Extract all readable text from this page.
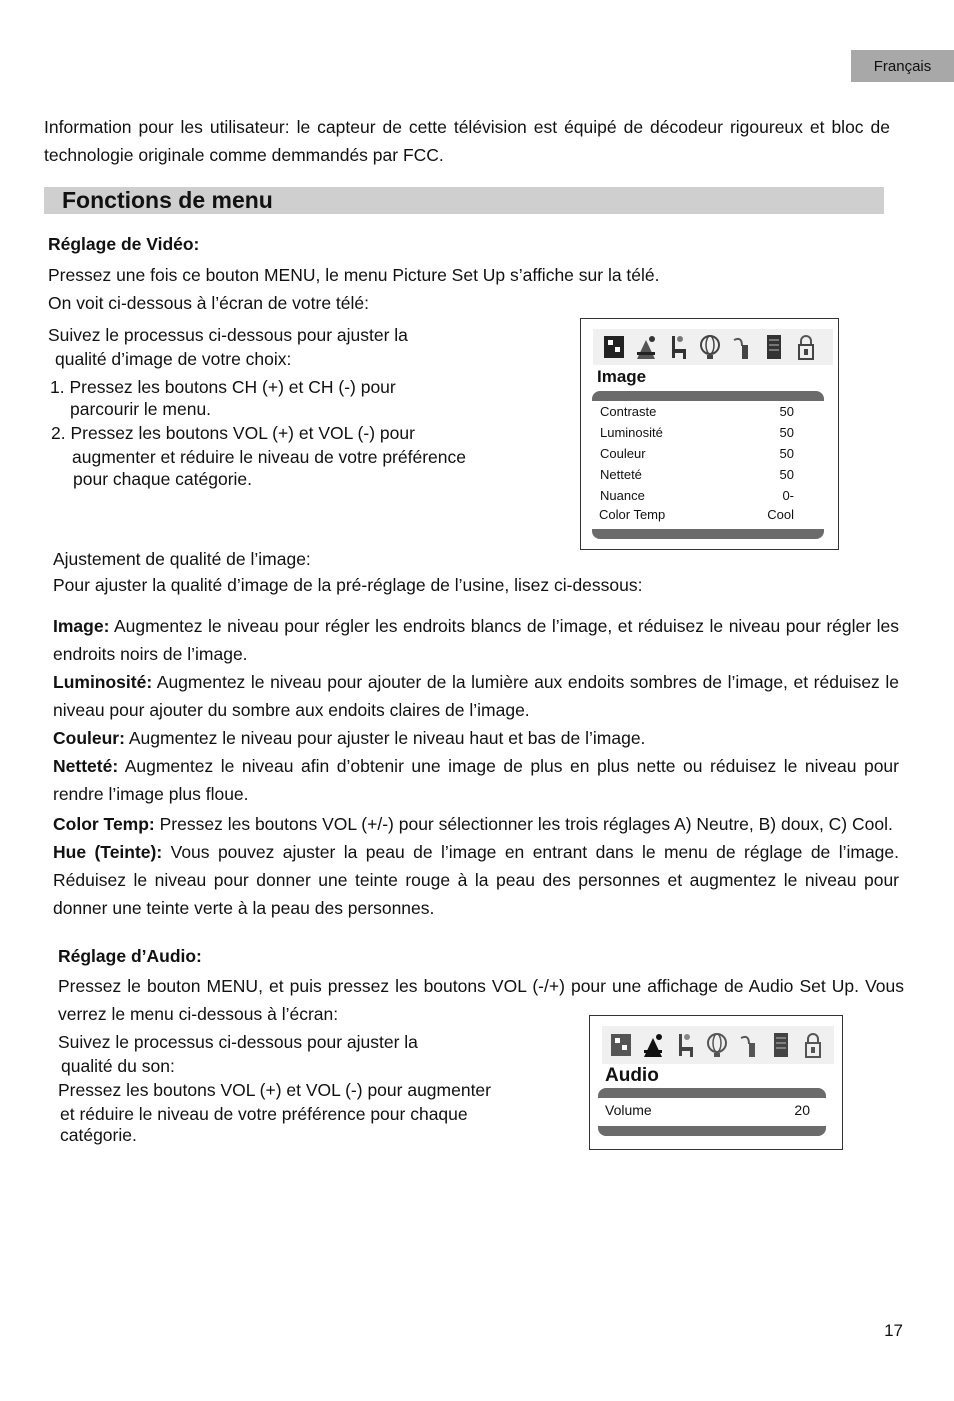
Français
Information pour les utilisateur: le capteur de cette télévision est équipé de décodeur rigoureux et bloc de technologie originale comme demmandés par FCC.
Fonctions de menu
Réglage de Vidéo:
Pressez une fois ce bouton MENU, le menu Picture Set Up s’affiche sur la télé.
On voit ci-dessous à l’écran de votre télé:
Suivez le processus ci-dessous pour ajuster la
qualité d’image de votre choix:
1. Pressez les boutons CH (+) et CH (-) pour
parcourir le menu.
2. Pressez les boutons VOL (+) et VOL (-) pour
augmenter et réduire le niveau de votre préférence
pour chaque catégorie.
Image
Contraste	50
Luminosité	50
Couleur	50
Netteté	50
Nuance	0-
Color Temp	Cool
Ajustement de qualité de l’image:
Pour ajuster la qualité d’image de la pré-réglage de l’usine, lisez ci-dessous:
Image: Augmentez le niveau pour régler les endroits blancs de l’image, et réduisez le niveau pour régler les endroits noirs de l’image.
Luminosité: Augmentez le niveau pour ajouter de la lumière aux endoits sombres de l’image, et réduisez le niveau pour ajouter du sombre aux endoits claires de l’image.
Couleur: Augmentez le niveau pour ajuster le niveau haut et bas de l’image.
Netteté: Augmentez le niveau afin d’obtenir une image de plus en plus nette ou réduisez le niveau pour rendre l’image plus floue.
Color Temp: Pressez les boutons VOL (+/-) pour sélectionner les trois réglages A) Neutre, B) doux, C) Cool.
Hue (Teinte): Vous pouvez ajuster la peau de l’image en entrant dans le menu de réglage de l’image. Réduisez le niveau pour donner une teinte rouge à la peau des personnes et augmentez le niveau pour donner une teinte verte à la peau des personnes.
Réglage d’Audio:
Pressez le bouton MENU, et puis pressez les boutons VOL (-/+) pour une affichage de Audio Set Up. Vous verrez le menu ci-dessous à l’écran:
Suivez le processus ci-dessous pour ajuster la
qualité du son:
Pressez les boutons VOL (+) et VOL (-) pour augmenter
et réduire le niveau de votre préférence pour chaque
catégorie.
Audio
Volume	20
17
